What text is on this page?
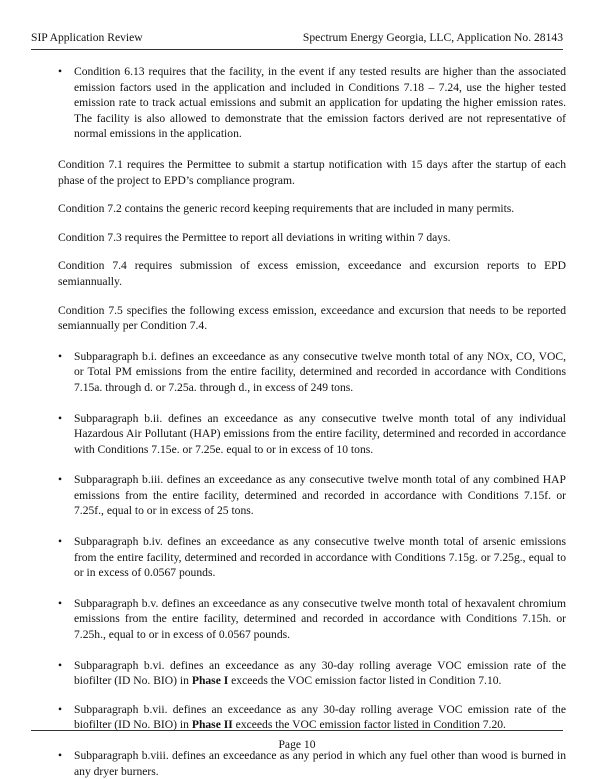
SIP Application Review	Spectrum Energy Georgia, LLC, Application No. 28143
• Condition 6.13 requires that the facility, in the event if any tested results are higher than the associated emission factors used in the application and included in Conditions 7.18 – 7.24, use the higher tested emission rate to track actual emissions and submit an application for updating the higher emission rates. The facility is also allowed to demonstrate that the emission factors derived are not representative of normal emissions in the application.
Condition 7.1 requires the Permittee to submit a startup notification with 15 days after the startup of each phase of the project to EPD’s compliance program.
Condition 7.2 contains the generic record keeping requirements that are included in many permits.
Condition 7.3 requires the Permittee to report all deviations in writing within 7 days.
Condition 7.4 requires submission of excess emission, exceedance and excursion reports to EPD semiannually.
Condition 7.5 specifies the following excess emission, exceedance and excursion that needs to be reported semiannually per Condition 7.4.
• Subparagraph b.i. defines an exceedance as any consecutive twelve month total of any NOx, CO, VOC, or Total PM emissions from the entire facility, determined and recorded in accordance with Conditions 7.15a. through d. or 7.25a. through d., in excess of 249 tons.
• Subparagraph b.ii. defines an exceedance as any consecutive twelve month total of any individual Hazardous Air Pollutant (HAP) emissions from the entire facility, determined and recorded in accordance with Conditions 7.15e. or 7.25e. equal to or in excess of 10 tons.
• Subparagraph b.iii. defines an exceedance as any consecutive twelve month total of any combined HAP emissions from the entire facility, determined and recorded in accordance with Conditions 7.15f. or 7.25f., equal to or in excess of 25 tons.
• Subparagraph b.iv. defines an exceedance as any consecutive twelve month total of arsenic emissions from the entire facility, determined and recorded in accordance with Conditions 7.15g. or 7.25g., equal to or in excess of 0.0567 pounds.
• Subparagraph b.v. defines an exceedance as any consecutive twelve month total of hexavalent chromium emissions from the entire facility, determined and recorded in accordance with Conditions 7.15h. or 7.25h., equal to or in excess of 0.0567 pounds.
• Subparagraph b.vi. defines an exceedance as any 30-day rolling average VOC emission rate of the biofilter (ID No. BIO) in Phase I exceeds the VOC emission factor listed in Condition 7.10.
• Subparagraph b.vii. defines an exceedance as any 30-day rolling average VOC emission rate of the biofilter (ID No. BIO) in Phase II exceeds the VOC emission factor listed in Condition 7.20.
• Subparagraph b.viii. defines an exceedance as any period in which any fuel other than wood is burned in any dryer burners.
Page 10
